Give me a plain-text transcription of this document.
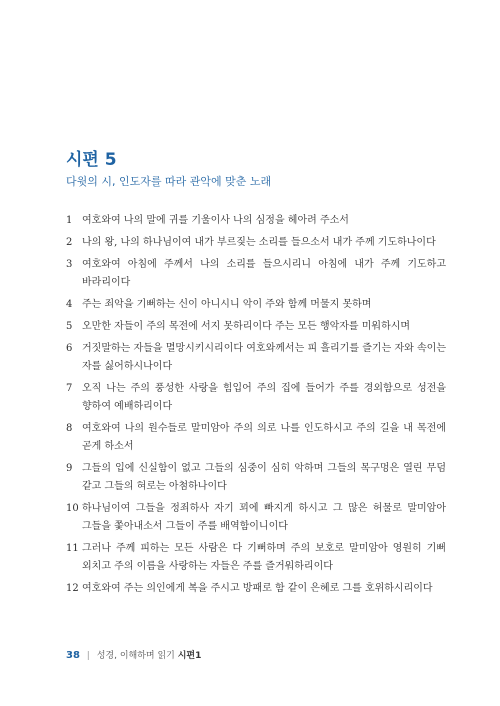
시편 5

다윗의 시, 인도자를 따라 관악에 맞춘 노래

1 여호와여 나의 말에 귀를 기울이사 나의 심정을 헤아려 주소서
2 나의 왕, 나의 하나님이여 내가 부르짖는 소리를 들으소서 내가 주께 기도하나이다
3 여호와여 아침에 주께서 나의 소리를 들으시리니 아침에 내가 주께 기도하고 바라리이다
4 주는 죄악을 기뻐하는 신이 아니시니 악이 주와 함께 머물지 못하며
5 오만한 자들이 주의 목전에 서지 못하리이다 주는 모든 행악자를 미워하시며
6 거짓말하는 자들을 멸망시키시리이다 여호와께서는 피 흘리기를 즐기는 자와 속이는 자를 싫어하시나이다
7 오직 나는 주의 풍성한 사랑을 힘입어 주의 집에 들어가 주를 경외함으로 성전을 향하여 예배하리이다
8 여호와여 나의 원수들로 말미암아 주의 의로 나를 인도하시고 주의 길을 내 목전에 곧게 하소서
9 그들의 입에 신실함이 없고 그들의 심중이 심히 악하며 그들의 목구멍은 열린 무덤 같고 그들의 혀로는 아첨하나이다
10 하나님이여 그들을 정죄하사 자기 꾀에 빠지게 하시고 그 많은 허물로 말미암아 그들을 쫓아내소서 그들이 주를 배역함이니이다
11 그러나 주께 피하는 모든 사람은 다 기뻐하며 주의 보호로 말미암아 영원히 기뻐 외치고 주의 이름을 사랑하는 자들은 주를 즐거워하리이다
12 여호와여 주는 의인에게 복을 주시고 방패로 함 같이 은혜로 그를 호위하시리이다
38 | 성경, 이해하며 읽기 시편1
